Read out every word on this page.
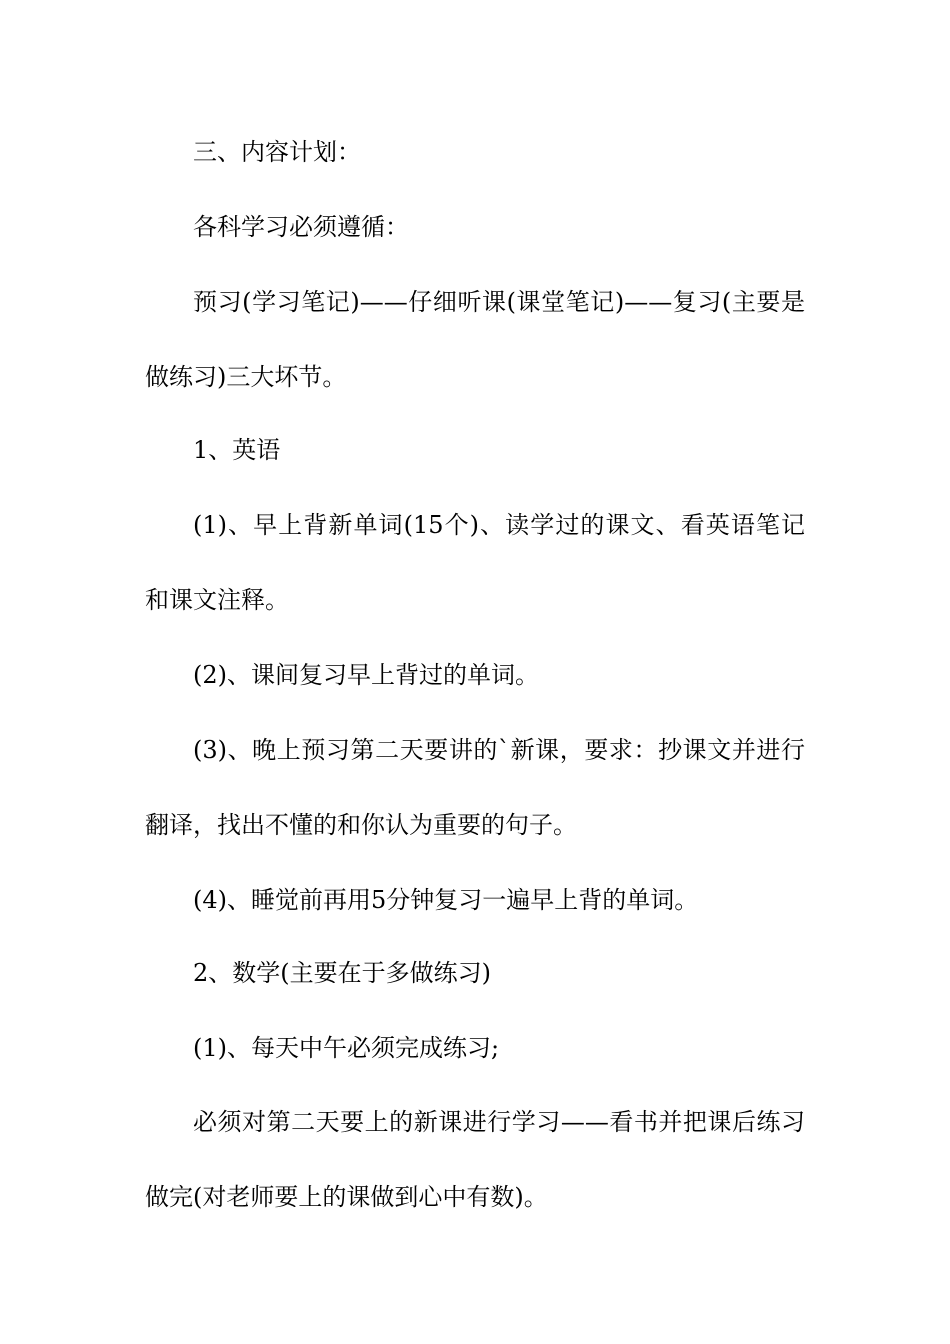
三、内容计划：
各科学习必须遵循：
预习(学习笔记)——仔细听课(课堂笔记)——复习(主要是
做练习)三大坏节。
1、英语
(1)、早上背新单词(15个)、读学过的课文、看英语笔记
和课文注释。
(2)、课间复习早上背过的单词。
(3)、晚上预习第二天要讲的`新课，要求：抄课文并进行
翻译，找出不懂的和你认为重要的句子。
(4)、睡觉前再用5分钟复习一遍早上背的单词。
2、数学(主要在于多做练习)
(1)、每天中午必须完成练习;
必须对第二天要上的新课进行学习——看书并把课后练习
做完(对老师要上的课做到心中有数)。
